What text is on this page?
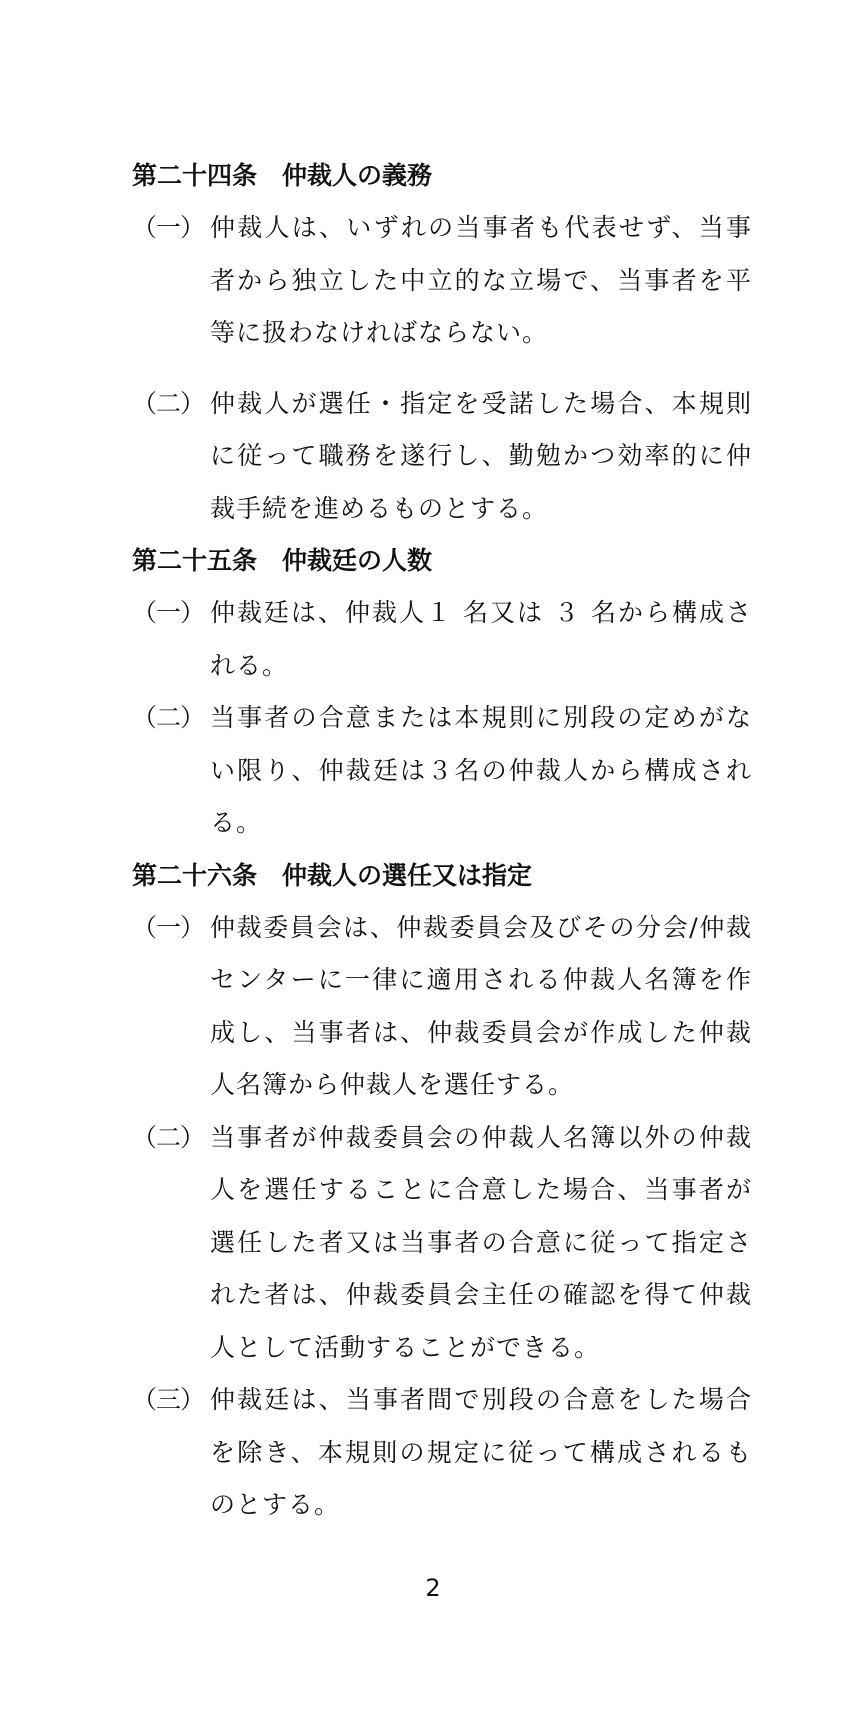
第二十四条　仲裁人の義務
（一） 仲裁人は、いずれの当事者も代表せず、当事者から独立した中立的な立場で、当事者を平等に扱わなければならない。
（二） 仲裁人が選任・指定を受諾した場合、本規則に従って職務を遂行し、勤勉かつ効率的に仲裁手続を進めるものとする。
第二十五条　仲裁廷の人数
（一） 仲裁廷は、仲裁人１ 名又は ３ 名から構成される。
（二） 当事者の合意または本規則に別段の定めがない限り、仲裁廷は３名の仲裁人から構成される。
第二十六条　仲裁人の選任又は指定
（一） 仲裁委員会は、仲裁委員会及びその分会/仲裁センターに一律に適用される仲裁人名簿を作成し、当事者は、仲裁委員会が作成した仲裁人名簿から仲裁人を選任する。
（二） 当事者が仲裁委員会の仲裁人名簿以外の仲裁人を選任することに合意した場合、当事者が選任した者又は当事者の合意に従って指定された者は、仲裁委員会主任の確認を得て仲裁人として活動することができる。
（三） 仲裁廷は、当事者間で別段の合意をした場合を除き、本規則の規定に従って構成されるものとする。
2
